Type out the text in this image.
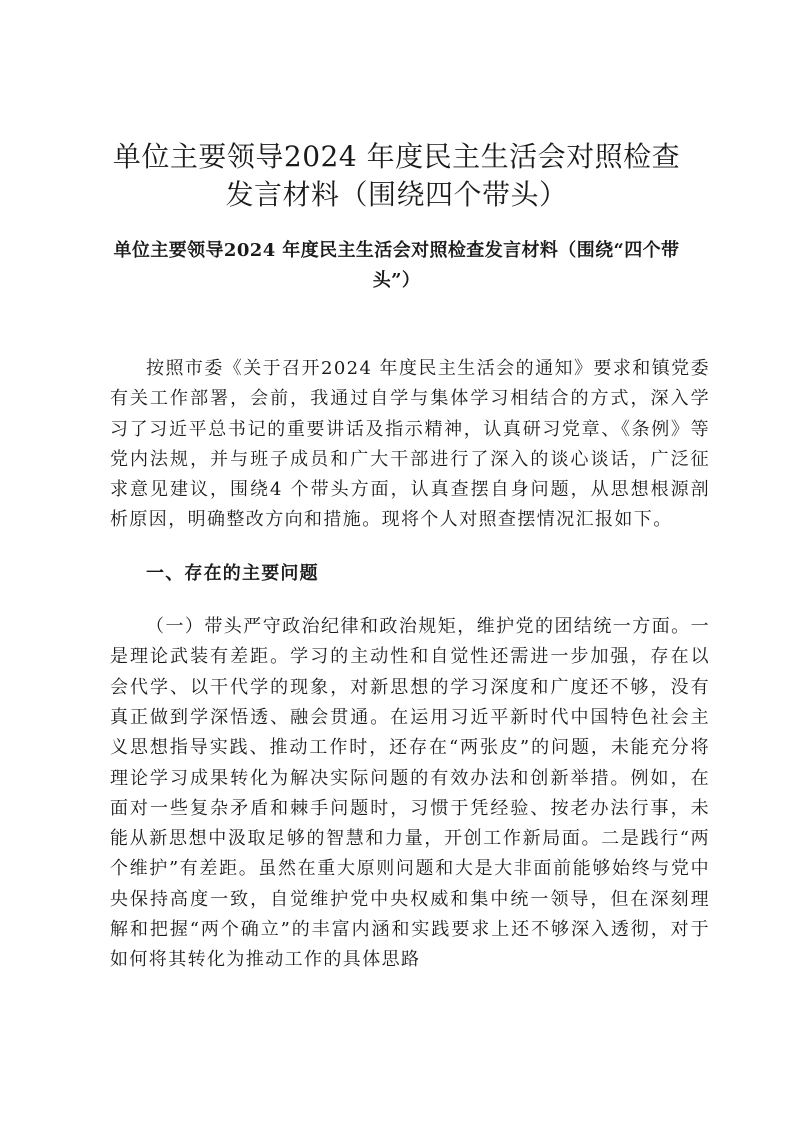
单位主要领导2024 年度民主生活会对照检查发言材料（围绕四个带头）
单位主要领导2024 年度民主生活会对照检查发言材料（围绕“四个带头”）

按照市委《关于召开2024 年度民主生活会的通知》要求和镇党委有关工作部署，会前，我通过自学与集体学习相结合的方式，深入学习了习近平总书记的重要讲话及指示精神，认真研习党章、《条例》等党内法规，并与班子成员和广大干部进行了深入的谈心谈话，广泛征求意见建议，围绕4 个带头方面，认真查摆自身问题，从思想根源剖析原因，明确整改方向和措施。现将个人对照查摆情况汇报如下。

一、存在的主要问题

（一）带头严守政治纪律和政治规矩，维护党的团结统一方面。一是理论武装有差距。学习的主动性和自觉性还需进一步加强，存在以会代学、以干代学的现象，对新思想的学习深度和广度还不够，没有真正做到学深悟透、融会贯通。在运用习近平新时代中国特色社会主义思想指导实践、推动工作时，还存在“两张皮”的问题，未能充分将理论学习成果转化为解决实际问题的有效办法和创新举措。例如，在面对一些复杂矛盾和棘手问题时，习惯于凭经验、按老办法行事，未能从新思想中汲取足够的智慧和力量，开创工作新局面。二是践行“两个维护”有差距。虽然在重大原则问题和大是大非面前能够始终与党中央保持高度一致，自觉维护党中央权威和集中统一领导，但在深刻理解和把握“两个确立”的丰富内涵和实践要求上还不够深入透彻，对于如何将其转化为推动工作的具体思路
